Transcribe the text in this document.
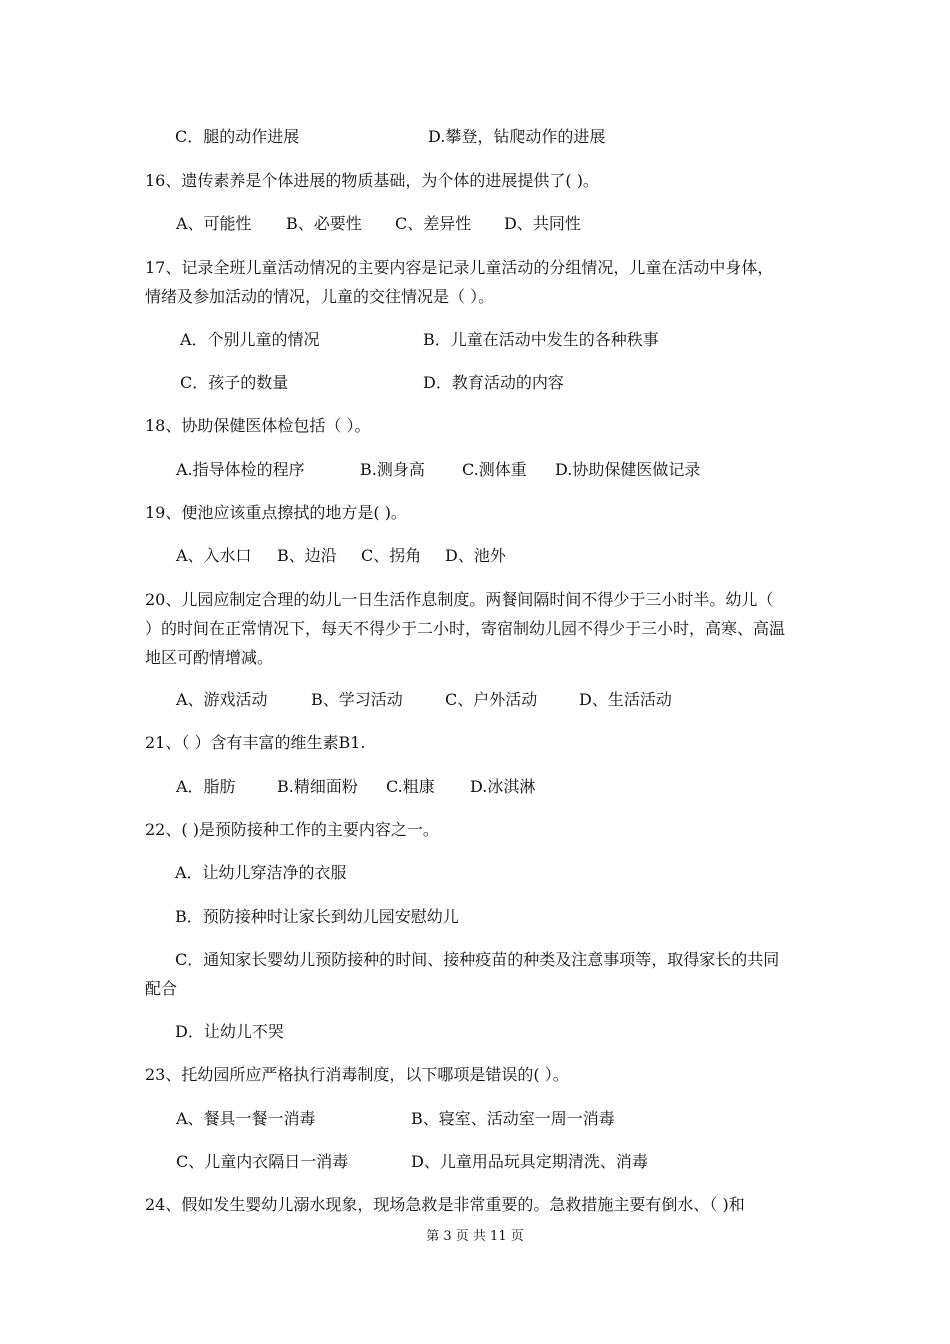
C．腿的动作进展	D.攀登，钻爬动作的进展
16、遗传素养是个体进展的物质基础，为个体的进展提供了( )。
A、可能性 B、必要性 C、差异性 D、共同性
17、记录全班儿童活动情况的主要内容是记录儿童活动的分组情况，儿童在活动中身体，
情绪及参加活动的情况，儿童的交往情况是（ ）。
A．个别儿童的情况	B．儿童在活动中发生的各种秩事
C．孩子的数量	D．教育活动的内容
18、协助保健医体检包括（ ）。
A.指导体检的程序	B.测身高 C.测体重 D.协助保健医做记录
19、便池应该重点擦拭的地方是( )。
A、入水口 B、边沿 C、拐角 D、池外
20、儿园应制定合理的幼儿一日生活作息制度。两餐间隔时间不得少于三小时半。幼儿（
）的时间在正常情况下，每天不得少于二小时，寄宿制幼儿园不得少于三小时，高寒、高温
地区可酌情增减。
A、游戏活动	B、学习活动	C、户外活动	D、生活活动
21、（ ）含有丰富的维生素B1.
A．脂肪	B.精细面粉 C.粗康 D.冰淇淋
22、( )是预防接种工作的主要内容之一。
A．让幼儿穿洁净的衣服
B．预防接种时让家长到幼儿园安慰幼儿
C．通知家长婴幼儿预防接种的时间、接种疫苗的种类及注意事项等，取得家长的共同
配合
D．让幼儿不哭
23、托幼园所应严格执行消毒制度，以下哪项是错误的( ）。
A、餐具一餐一消毒	B、寝室、活动室一周一消毒
C、儿童内衣隔日一消毒	D、儿童用品玩具定期清洗、消毒
24、假如发生婴幼儿溺水现象，现场急救是非常重要的。急救措施主要有倒水、（ )和
第 3 页 共 11 页
